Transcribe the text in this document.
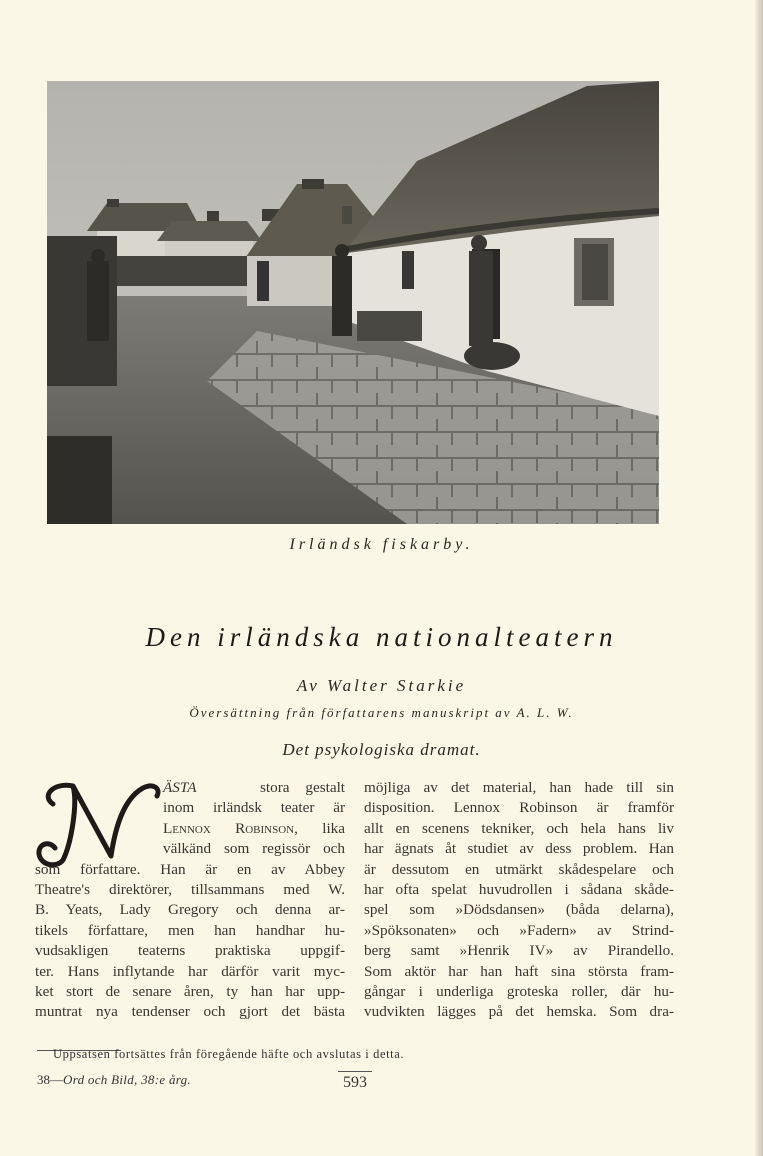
Irländsk fiskarby.
Den irländska nationalteatern
Av Walter Starkie
Översättning från författarens manuskript av A. L. W.
Det psykologiska dramat.
ÄSTA	stora gestalt
inom irländsk teater är
Lennox Robinson, lika
välkänd som regissör och
som författare. Han är en av Abbey
Theatre's direktörer, tillsammans med W.
B. Yeats, Lady Gregory och denna ar-
tikels författare, men han handhar hu-
vudsakligen teaterns praktiska uppgif-
ter. Hans inflytande har därför varit myc-
ket stort de senare åren, ty han har upp-
muntrat nya tendenser och gjort det bästa
möjliga av det material, han hade till sin
disposition. Lennox Robinson är framför
allt en scenens tekniker, och hela hans liv
har ägnats åt studiet av dess problem. Han
är dessutom en utmärkt skådespelare och
har ofta spelat huvudrollen i sådana skåde-
spel som »Dödsdansen» (båda delarna),
»Spöksonaten» och »Fadern» av Strind-
berg samt »Henrik IV» av Pirandello.
Som aktör har han haft sina största fram-
gångar i underliga groteska roller, där hu-
vudvikten lägges på det hemska. Som dra-
Uppsatsen fortsättes från föregående häfte och avslutas i detta.
38—Ord och Bild, 38:e årg.	593
